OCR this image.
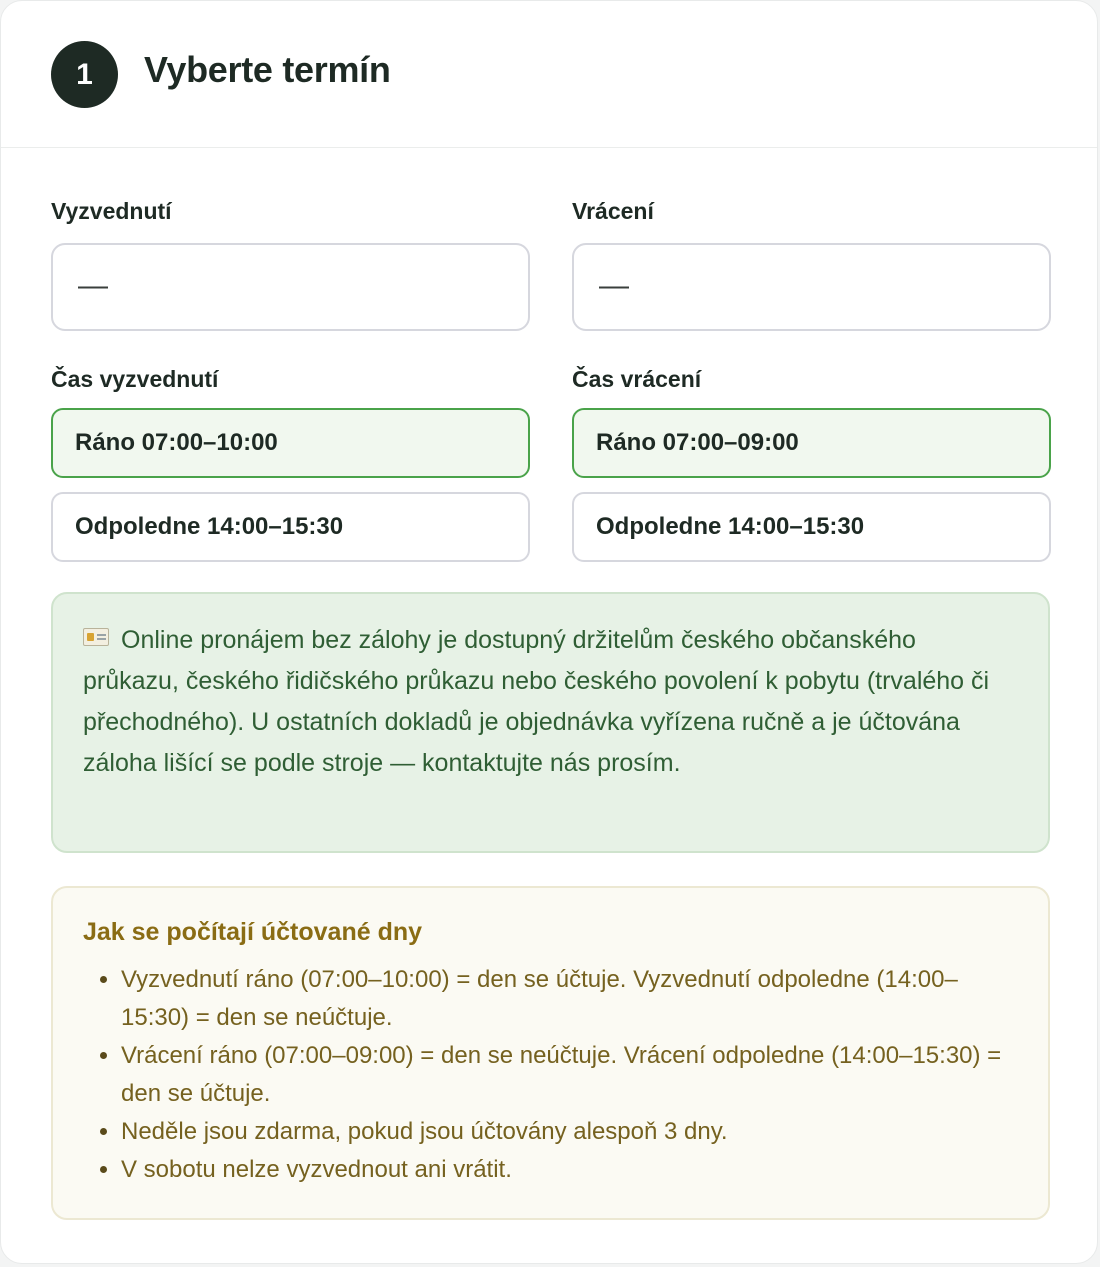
1	Vyberte termín
Vyzvednutí
—
Čas vyzvednutí
Ráno 07:00–10:00
Odpoledne 14:00–15:30
Vrácení
—
Čas vrácení
Ráno 07:00–09:00
Odpoledne 14:00–15:30
Online pronájem bez zálohy je dostupný držitelům českého občanského průkazu, českého řidičského průkazu nebo českého povolení k pobytu (trvalého či přechodného). U ostatních dokladů je objednávka vyřízena ručně a je účtována záloha lišící se podle stroje — kontaktujte nás prosím.
Jak se počítají účtované dny
• Vyzvednutí ráno (07:00–10:00) = den se účtuje. Vyzvednutí odpoledne (14:00–15:30) = den se neúčtuje.
• Vrácení ráno (07:00–09:00) = den se neúčtuje. Vrácení odpoledne (14:00–15:30) = den se účtuje.
• Neděle jsou zdarma, pokud jsou účtovány alespoň 3 dny.
• V sobotu nelze vyzvednout ani vrátit.
